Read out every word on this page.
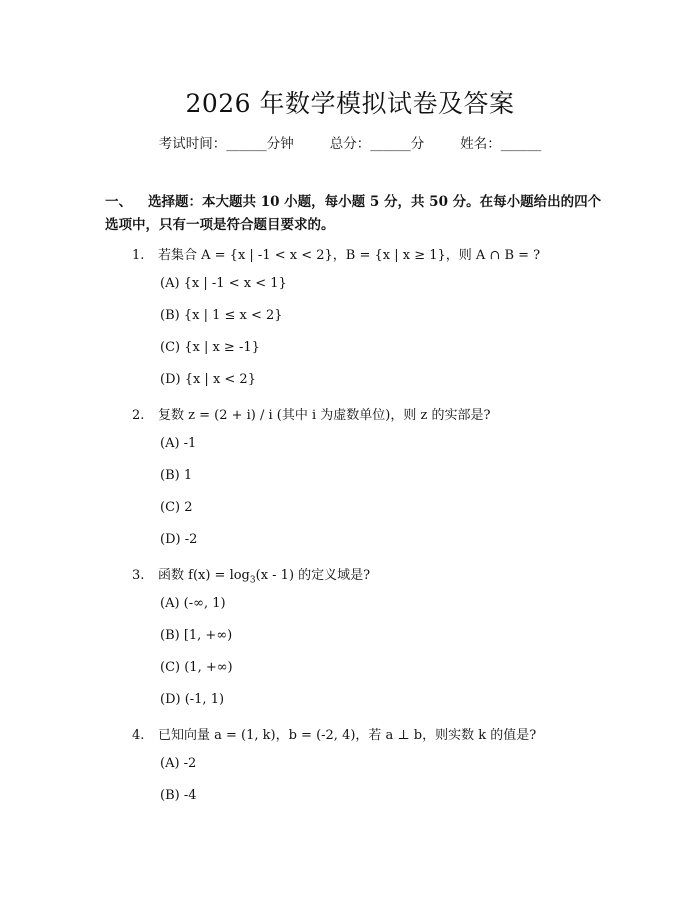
2026 年数学模拟试卷及答案
考试时间：______分钟	总分：______分	姓名：______
一、 选择题：本大题共 10 小题，每小题 5 分，共 50 分。在每小题给出的四个选项中，只有一项是符合题目要求的。
1. 若集合 A = {x | -1 < x < 2}，B = {x | x ≥ 1}，则 A ∩ B = ?
(A) {x | -1 < x < 1}
(B) {x | 1 ≤ x < 2}
(C) {x | x ≥ -1}
(D) {x | x < 2}
2. 复数 z = (2 + i) / i (其中 i 为虚数单位)，则 z 的实部是?
(A) -1
(B) 1
(C) 2
(D) -2
3. 函数 $f(x) = \log_3(x - 1)$ 的定义域是?
(A) (-∞, 1)
(B) [1, +∞)
(C) (1, +∞)
(D) (-1, 1)
4. 已知向量 a = (1, k)，b = (-2, 4)，若 a ⊥ b，则实数 k 的值是?
(A) -2
(B) -4
